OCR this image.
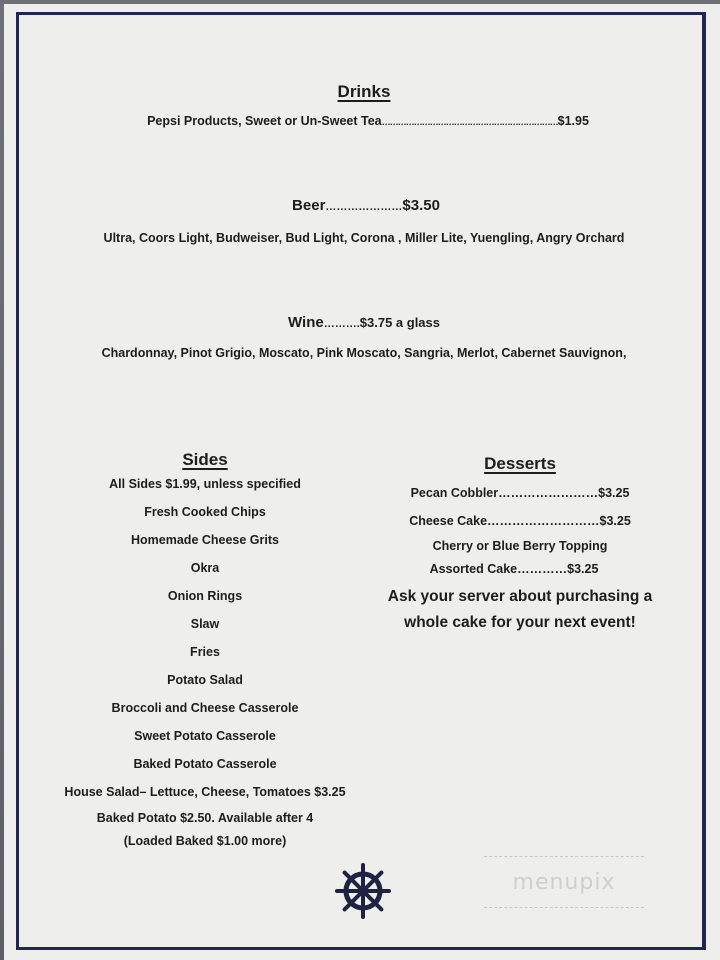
Drinks
Pepsi Products, Sweet or Un-Sweet Tea…………………………………………………………$1.95
Beer…………………$3.50
Ultra, Coors Light, Budweiser, Bud Light, Corona , Miller Lite, Yuengling, Angry Orchard
Wine……….$3.75 a glass
Chardonnay, Pinot Grigio, Moscato, Pink Moscato, Sangria, Merlot, Cabernet Sauvignon,
Sides
All Sides $1.99, unless specified
Fresh Cooked Chips
Homemade Cheese Grits
Okra
Onion Rings
Slaw
Fries
Potato Salad
Broccoli and Cheese Casserole
Sweet Potato Casserole
Baked Potato Casserole
House Salad– Lettuce, Cheese, Tomatoes $3.25
Baked Potato $2.50. Available after 4
(Loaded Baked $1.00 more)
Desserts
Pecan Cobbler……………………$3.25
Cheese Cake………………………$3.25
Cherry or Blue Berry Topping
Assorted Cake…………$3.25
Ask your server about purchasing a
whole cake for your next event!
menupix
